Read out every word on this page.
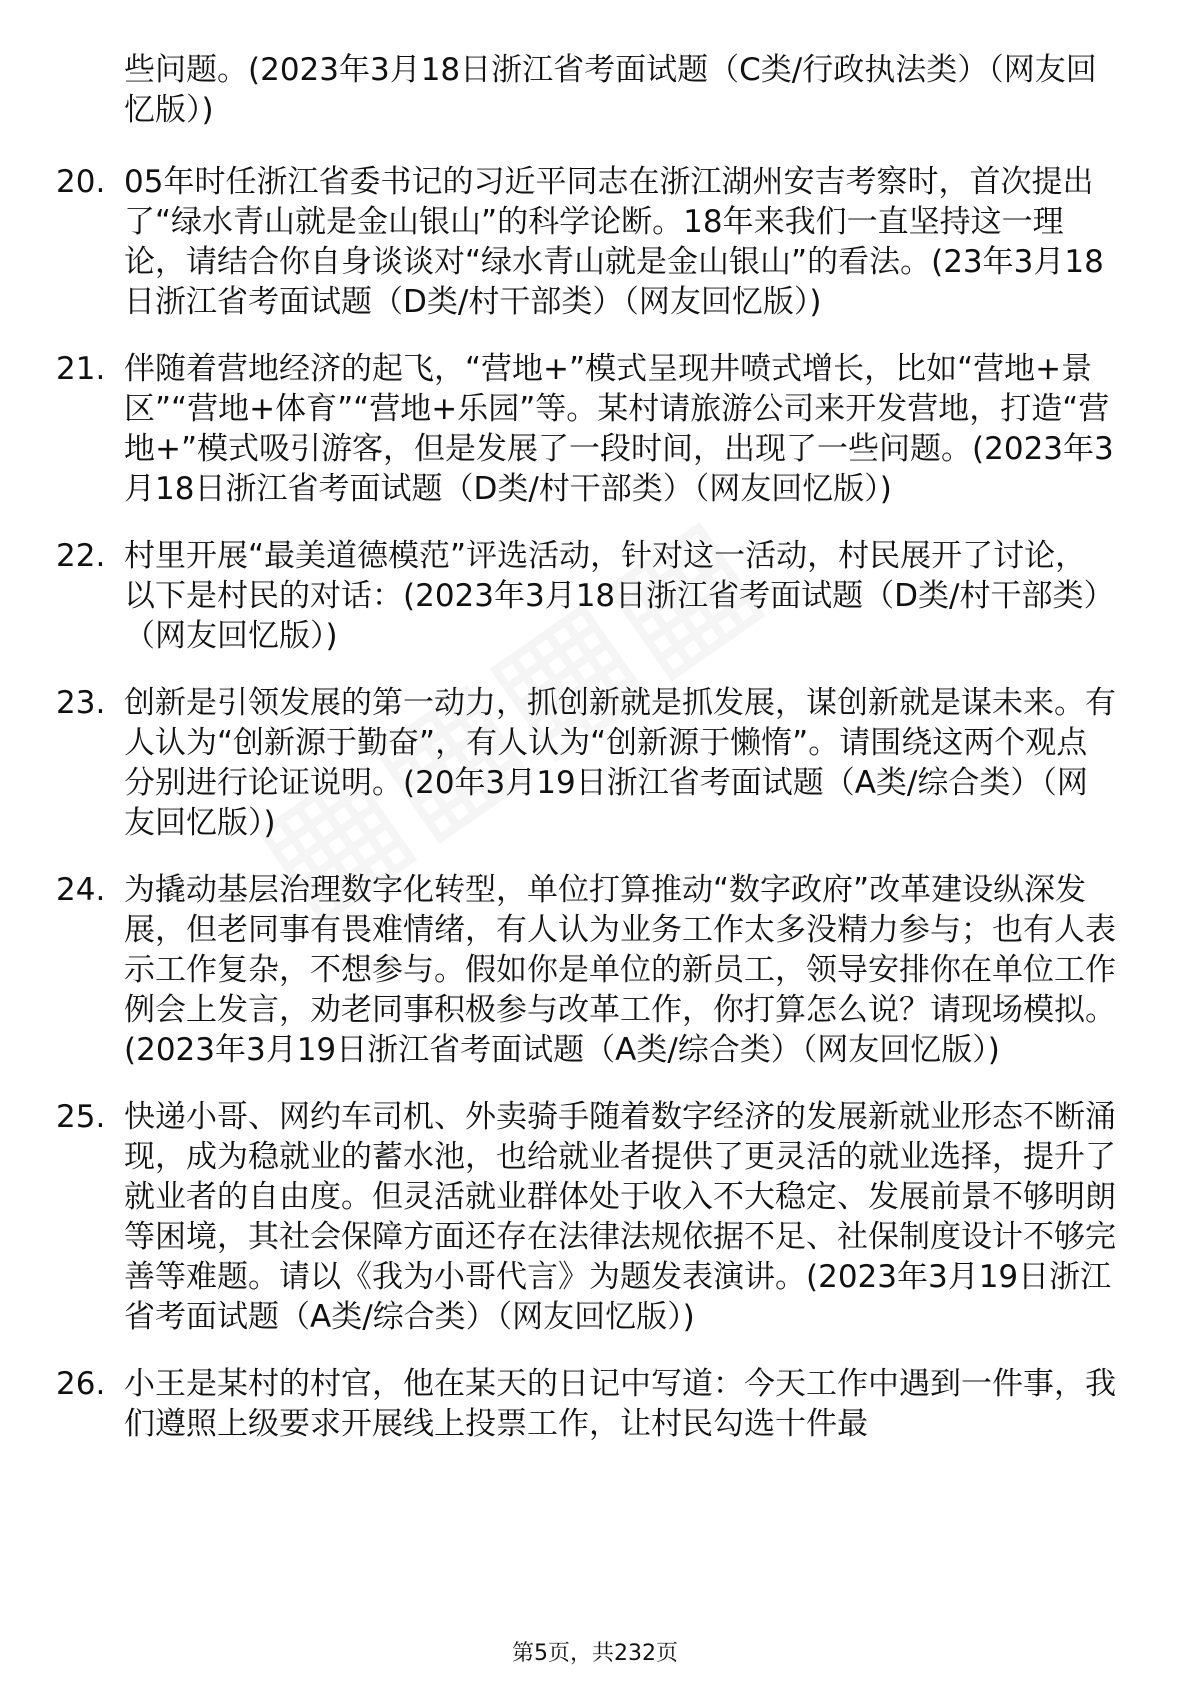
些问题。(2023年3月18日浙江省考面试题（C类/行政执法类）（网友回忆版）)
20. 05年时任浙江省委书记的习近平同志在浙江湖州安吉考察时，首次提出了“绿水青山就是金山银山”的科学论断。18年来我们一直坚持这一理论，请结合你自身谈谈对“绿水青山就是金山银山”的看法。(23年3月18日浙江省考面试题（D类/村干部类）（网友回忆版）)
21. 伴随着营地经济的起飞，“营地+”模式呈现井喷式增长，比如“营地+景区”“营地+体育”“营地+乐园”等。某村请旅游公司来开发营地，打造“营地+”模式吸引游客，但是发展了一段时间，出现了一些问题。(2023年3月18日浙江省考面试题（D类/村干部类）（网友回忆版）)
22. 村里开展“最美道德模范”评选活动，针对这一活动，村民展开了讨论，以下是村民的对话：(2023年3月18日浙江省考面试题（D类/村干部类）（网友回忆版）)
23. 创新是引领发展的第一动力，抓创新就是抓发展，谋创新就是谋未来。有人认为“创新源于勤奋”，有人认为“创新源于懒惰”。请围绕这两个观点分别进行论证说明。(20年3月19日浙江省考面试题（A类/综合类）（网友回忆版）)
24. 为撬动基层治理数字化转型，单位打算推动“数字政府”改革建设纵深发展，但老同事有畏难情绪，有人认为业务工作太多没精力参与；也有人表示工作复杂，不想参与。假如你是单位的新员工，领导安排你在单位工作例会上发言，劝老同事积极参与改革工作，你打算怎么说？请现场模拟。(2023年3月19日浙江省考面试题（A类/综合类）（网友回忆版）)
25. 快递小哥、网约车司机、外卖骑手随着数字经济的发展新就业形态不断涌现，成为稳就业的蓄水池，也给就业者提供了更灵活的就业选择，提升了就业者的自由度。但灵活就业群体处于收入不大稳定、发展前景不够明朗等困境，其社会保障方面还存在法律法规依据不足、社保制度设计不够完善等难题。请以《我为小哥代言》为题发表演讲。(2023年3月19日浙江省考面试题（A类/综合类）（网友回忆版）)
26. 小王是某村的村官，他在某天的日记中写道：今天工作中遇到一件事，我们遵照上级要求开展线上投票工作，让村民勾选十件最
第5页，共232页
